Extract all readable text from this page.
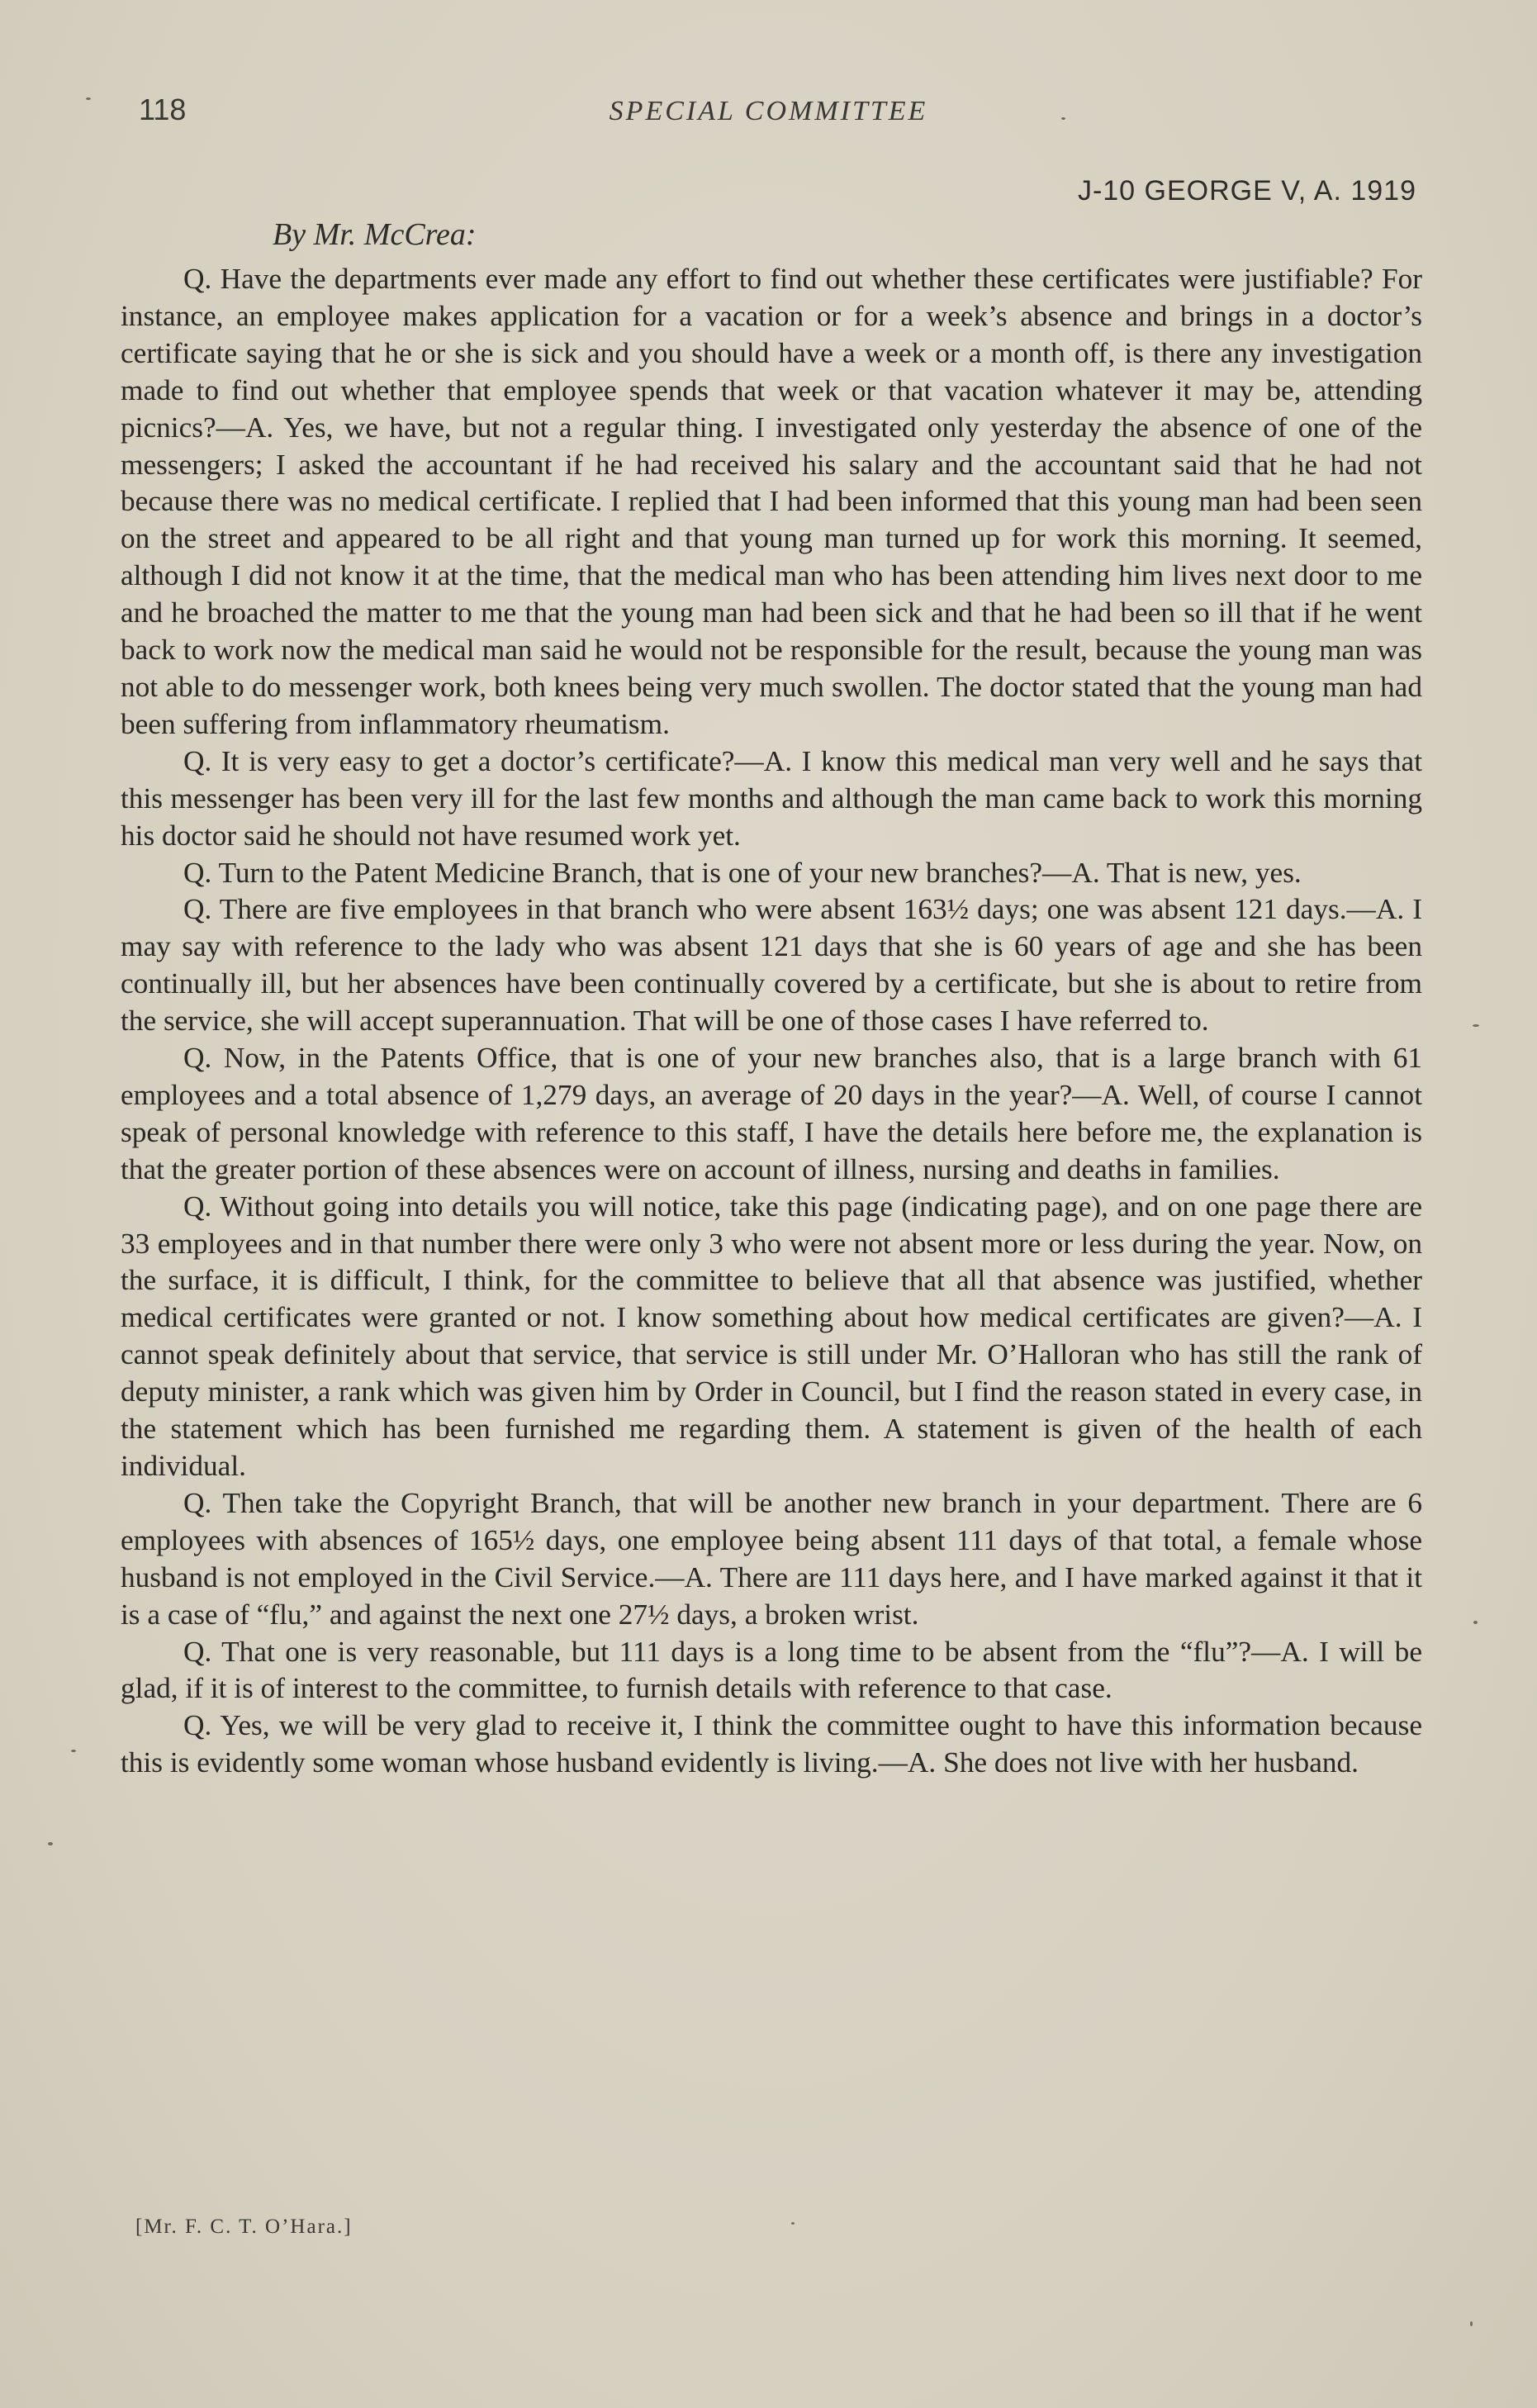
118	SPECIAL COMMITTEE
J-10 GEORGE V, A. 1919
By Mr. McCrea:

Q. Have the departments ever made any effort to find out whether these certificates were justifiable? For instance, an employee makes application for a vacation or for a week’s absence and brings in a doctor’s certificate saying that he or she is sick and you should have a week or a month off, is there any investigation made to find out whether that employee spends that week or that vacation whatever it may be, attending picnics?—A. Yes, we have, but not a regular thing. I investigated only yesterday the absence of one of the messengers; I asked the accountant if he had received his salary and the accountant said that he had not because there was no medical certificate. I replied that I had been informed that this young man had been seen on the street and appeared to be all right and that young man turned up for work this morning. It seemed, although I did not know it at the time, that the medical man who has been attending him lives next door to me and he broached the matter to me that the young man had been sick and that he had been so ill that if he went back to work now the medical man said he would not be responsible for the result, because the young man was not able to do messenger work, both knees being very much swollen. The doctor stated that the young man had been suffering from inflammatory rheumatism.

Q. It is very easy to get a doctor’s certificate?—A. I know this medical man very well and he says that this messenger has been very ill for the last few months and although the man came back to work this morning his doctor said he should not have resumed work yet.

Q. Turn to the Patent Medicine Branch, that is one of your new branches?—A. That is new, yes.

Q. There are five employees in that branch who were absent 163½ days; one was absent 121 days.—A. I may say with reference to the lady who was absent 121 days that she is 60 years of age and she has been continually ill, but her absences have been continually covered by a certificate, but she is about to retire from the service, she will accept superannuation. That will be one of those cases I have referred to.

Q. Now, in the Patents Office, that is one of your new branches also, that is a large branch with 61 employees and a total absence of 1,279 days, an average of 20 days in the year?—A. Well, of course I cannot speak of personal knowledge with reference to this staff, I have the details here before me, the explanation is that the greater portion of these absences were on account of illness, nursing and deaths in families.

Q. Without going into details you will notice, take this page (indicating page), and on one page there are 33 employees and in that number there were only 3 who were not absent more or less during the year. Now, on the surface, it is difficult, I think, for the committee to believe that all that absence was justified, whether medical certificates were granted or not. I know something about how medical certificates are given?—A. I cannot speak definitely about that service, that service is still under Mr. O’Halloran who has still the rank of deputy minister, a rank which was given him by Order in Council, but I find the reason stated in every case, in the statement which has been furnished me regarding them. A statement is given of the health of each individual.

Q. Then take the Copyright Branch, that will be another new branch in your department. There are 6 employees with absences of 165½ days, one employee being absent 111 days of that total, a female whose husband is not employed in the Civil Service.—A. There are 111 days here, and I have marked against it that it is a case of “flu,” and against the next one 27½ days, a broken wrist.

Q. That one is very reasonable, but 111 days is a long time to be absent from the “flu”?—A. I will be glad, if it is of interest to the committee, to furnish details with reference to that case.

Q. Yes, we will be very glad to receive it, I think the committee ought to have this information because this is evidently some woman whose husband evidently is living.—A. She does not live with her husband.

[Mr. F. C. T. O’Hara.]
